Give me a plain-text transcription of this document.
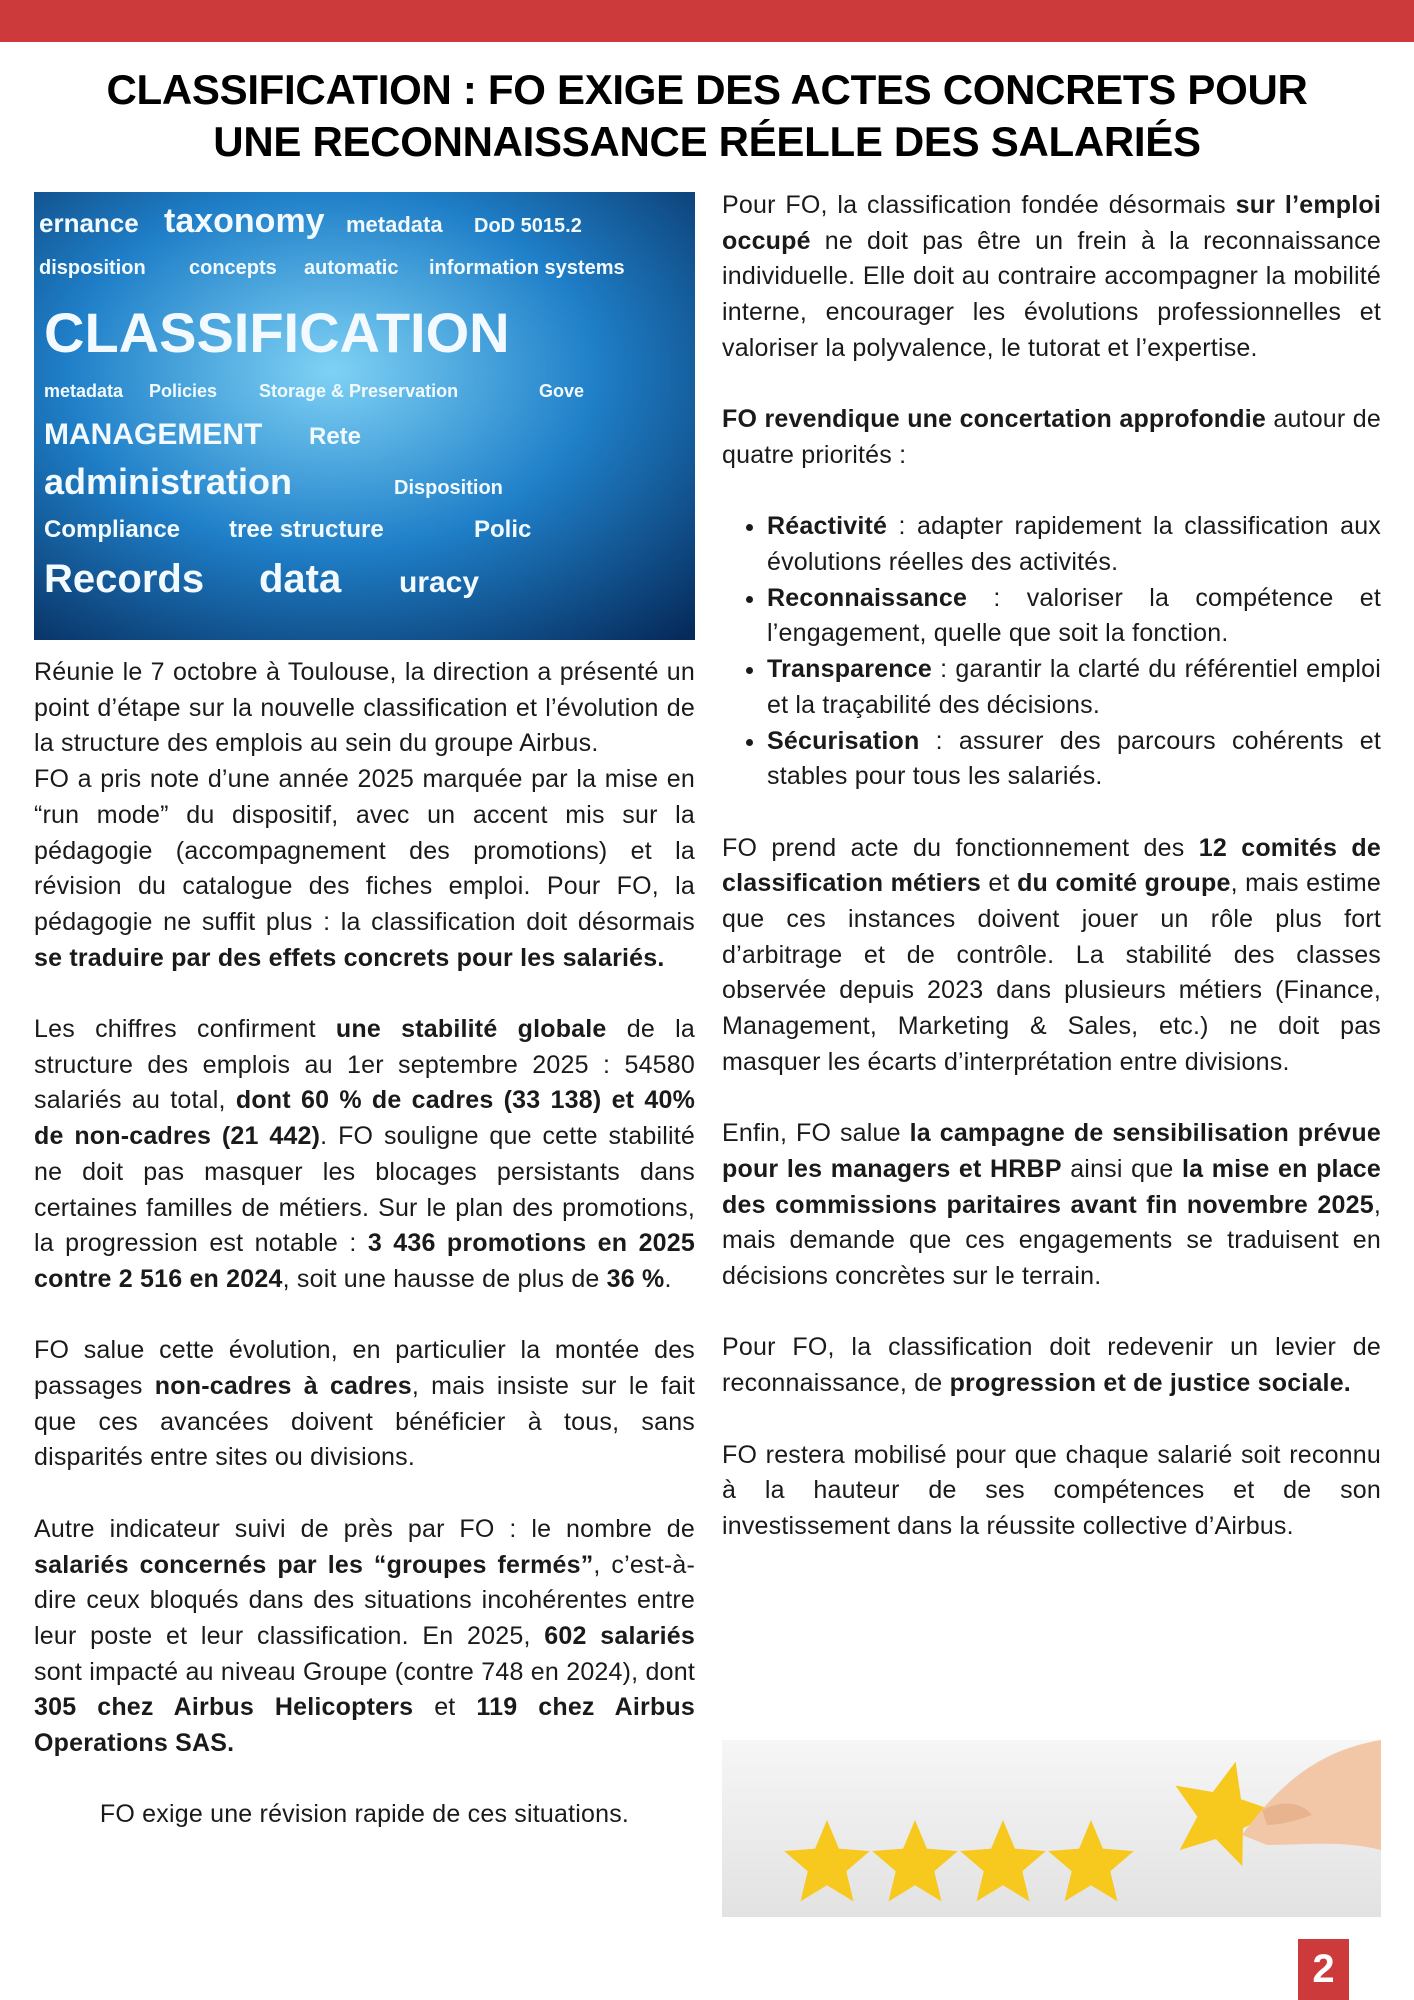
CLASSIFICATION : FO EXIGE DES ACTES CONCRETS POUR
UNE RECONNAISSANCE RÉELLE DES SALARIÉS
ernance taxonomy metadata DoD 5015.2
disposition concepts automatic information systems
CLASSIFICATION
metadata Policies Storage & Preservation	Gove
MANAGEMENT
administration	Disposition
Compliance
Rete
tree structure
Records
Polic
data uracy

Réunie le 7 octobre à Toulouse, la direction a présenté un point d’étape sur la nouvelle classification et l’évolution de la structure des emplois au sein du groupe Airbus.

FO a pris note d’une année 2025 marquée par la mise en “run mode” du dispositif, avec un accent mis sur la pédagogie (accompagnement des promotions) et la révision du catalogue des fiches emploi. Pour FO, la pédagogie ne suffit plus : la classification doit désormais se traduire par des effets concrets pour les salariés.

Les chiffres confirment une stabilité globale de la structure des emplois au 1er septembre 2025 : 54580 salariés au total, dont 60 % de cadres (33 138) et 40% de non-cadres (21 442). FO souligne que cette stabilité ne doit pas masquer les blocages persistants dans certaines familles de métiers. Sur le plan des promotions, la progression est notable : 3 436 promotions en 2025 contre 2 516 en 2024, soit une hausse de plus de 36 %.

FO salue cette évolution, en particulier la montée des passages non-cadres à cadres, mais insiste sur le fait que ces avancées doivent bénéficier à tous, sans disparités entre sites ou divisions.

Autre indicateur suivi de près par FO : le nombre de salariés concernés par les “groupes fermés”, c’est-à-dire ceux bloqués dans des situations incohérentes entre leur poste et leur classification. En 2025, 602 salariés sont impacté au niveau Groupe (contre 748 en 2024), dont 305 chez Airbus Helicopters et 119 chez Airbus Operations SAS.

FO exige une révision rapide de ces situations.

Pour FO, la classification fondée désormais sur l’emploi occupé ne doit pas être un frein à la reconnaissance individuelle. Elle doit au contraire accompagner la mobilité interne, encourager les évolutions professionnelles et valoriser la polyvalence, le tutorat et l’expertise.

FO revendique une concertation approfondie autour de quatre priorités :

• Réactivité : adapter rapidement la classification aux évolutions réelles des activités.
• Reconnaissance : valoriser la compétence et l’engagement, quelle que soit la fonction.
• Transparence : garantir la clarté du référentiel emploi et la traçabilité des décisions.
• Sécurisation : assurer des parcours cohérents et stables pour tous les salariés.

FO prend acte du fonctionnement des 12 comités de classification métiers et du comité groupe, mais estime que ces instances doivent jouer un rôle plus fort d’arbitrage et de contrôle. La stabilité des classes observée depuis 2023 dans plusieurs métiers (Finance, Management, Marketing & Sales, etc.) ne doit pas masquer les écarts d’interprétation entre divisions.

Enfin, FO salue la campagne de sensibilisation prévue pour les managers et HRBP ainsi que la mise en place des commissions paritaires avant fin novembre 2025, mais demande que ces engagements se traduisent en décisions concrètes sur le terrain.

Pour FO, la classification doit redevenir un levier de reconnaissance, de progression et de justice sociale.

FO restera mobilisé pour que chaque salarié soit reconnu à la hauteur de ses compétences et de son investissement dans la réussite collective d’Airbus.

2
